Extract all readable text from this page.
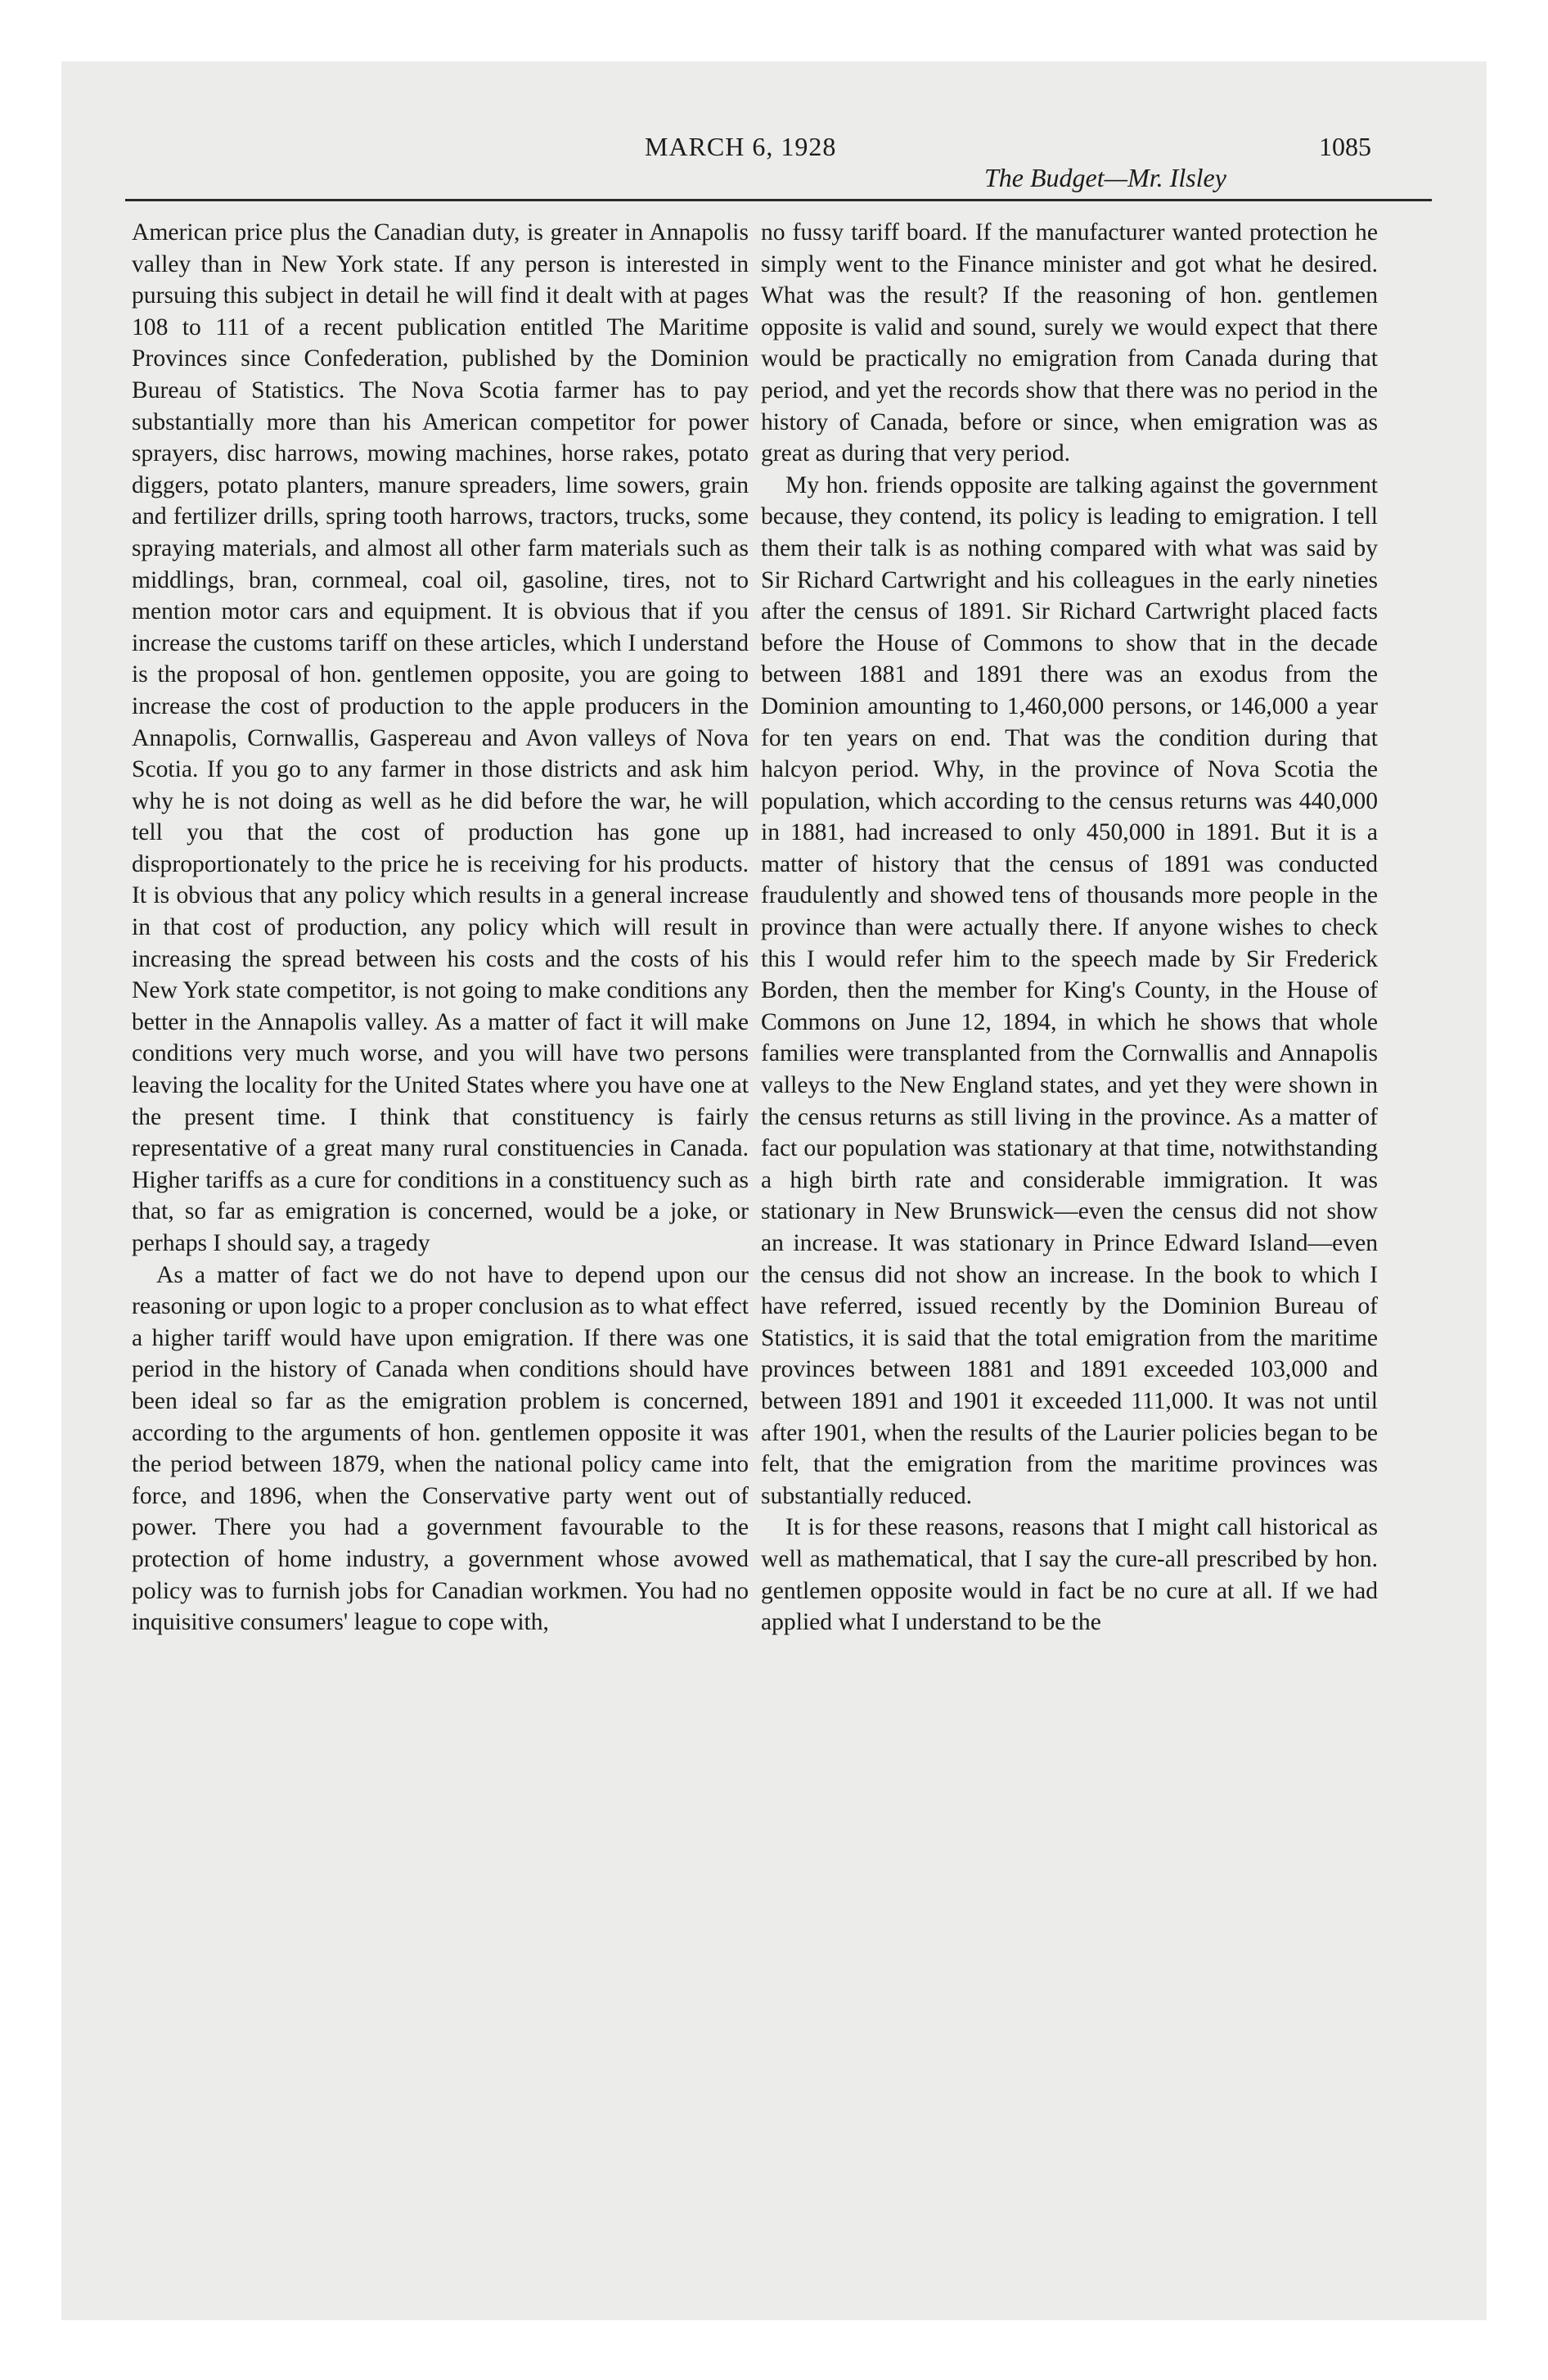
MARCH 6, 1928
The Budget—Mr. Ilsley
1085

American price plus the Canadian duty, is greater in Annapolis valley than in New York state. If any person is interested in pursuing this subject in detail he will find it dealt with at pages 108 to 111 of a recent publication entitled The Maritime Provinces since Confederation, published by the Dominion Bureau of Statistics. The Nova Scotia farmer has to pay substantially more than his American competitor for power sprayers, disc harrows, mowing machines, horse rakes, potato diggers, potato planters, manure spreaders, lime sowers, grain and fertilizer drills, spring tooth harrows, tractors, trucks, some spraying materials, and almost all other farm materials such as middlings, bran, cornmeal, coal oil, gasoline, tires, not to mention motor cars and equipment. It is obvious that if you increase the customs tariff on these articles, which I understand is the proposal of hon. gentlemen opposite, you are going to increase the cost of production to the apple producers in the Annapolis, Cornwallis, Gaspereau and Avon valleys of Nova Scotia. If you go to any farmer in those districts and ask him why he is not doing as well as he did before the war, he will tell you that the cost of production has gone up disproportionately to the price he is receiving for his products. It is obvious that any policy which results in a general increase in that cost of production, any policy which will result in increasing the spread between his costs and the costs of his New York state competitor, is not going to make conditions any better in the Annapolis valley. As a matter of fact it will make conditions very much worse, and you will have two persons leaving the locality for the United States where you have one at the present time. I think that constituency is fairly representative of a great many rural constituencies in Canada. Higher tariffs as a cure for conditions in a constituency such as that, so far as emigration is concerned, would be a joke, or perhaps I should say, a tragedy

As a matter of fact we do not have to depend upon our reasoning or upon logic to a proper conclusion as to what effect a higher tariff would have upon emigration. If there was one period in the history of Canada when conditions should have been ideal so far as the emigration problem is concerned, according to the arguments of hon. gentlemen opposite it was the period between 1879, when the national policy came into force, and 1896, when the Conservative party went out of power. There you had a government favourable to the protection of home industry, a government whose avowed policy was to furnish jobs for Canadian workmen. You had no inquisitive consumers' league to cope with,

no fussy tariff board. If the manufacturer wanted protection he simply went to the Finance minister and got what he desired. What was the result? If the reasoning of hon. gentlemen opposite is valid and sound, surely we would expect that there would be practically no emigration from Canada during that period, and yet the records show that there was no period in the history of Canada, before or since, when emigration was as great as during that very period.

My hon. friends opposite are talking against the government because, they contend, its policy is leading to emigration. I tell them their talk is as nothing compared with what was said by Sir Richard Cartwright and his colleagues in the early nineties after the census of 1891. Sir Richard Cartwright placed facts before the House of Commons to show that in the decade between 1881 and 1891 there was an exodus from the Dominion amounting to 1,460,000 persons, or 146,000 a year for ten years on end. That was the condition during that halcyon period. Why, in the province of Nova Scotia the population, which according to the census returns was 440,000 in 1881, had increased to only 450,000 in 1891. But it is a matter of history that the census of 1891 was conducted fraudulently and showed tens of thousands more people in the province than were actually there. If anyone wishes to check this I would refer him to the speech made by Sir Frederick Borden, then the member for King's County, in the House of Commons on June 12, 1894, in which he shows that whole families were transplanted from the Cornwallis and Annapolis valleys to the New England states, and yet they were shown in the census returns as still living in the province. As a matter of fact our population was stationary at that time, notwithstanding a high birth rate and considerable immigration. It was stationary in New Brunswick—even the census did not show an increase. It was stationary in Prince Edward Island—even the census did not show an increase. In the book to which I have referred, issued recently by the Dominion Bureau of Statistics, it is said that the total emigration from the maritime provinces between 1881 and 1891 exceeded 103,000 and between 1891 and 1901 it exceeded 111,000. It was not until after 1901, when the results of the Laurier policies began to be felt, that the emigration from the maritime provinces was substantially reduced.

It is for these reasons, reasons that I might call historical as well as mathematical, that I say the cure-all prescribed by hon. gentlemen opposite would in fact be no cure at all. If we had applied what I understand to be the
